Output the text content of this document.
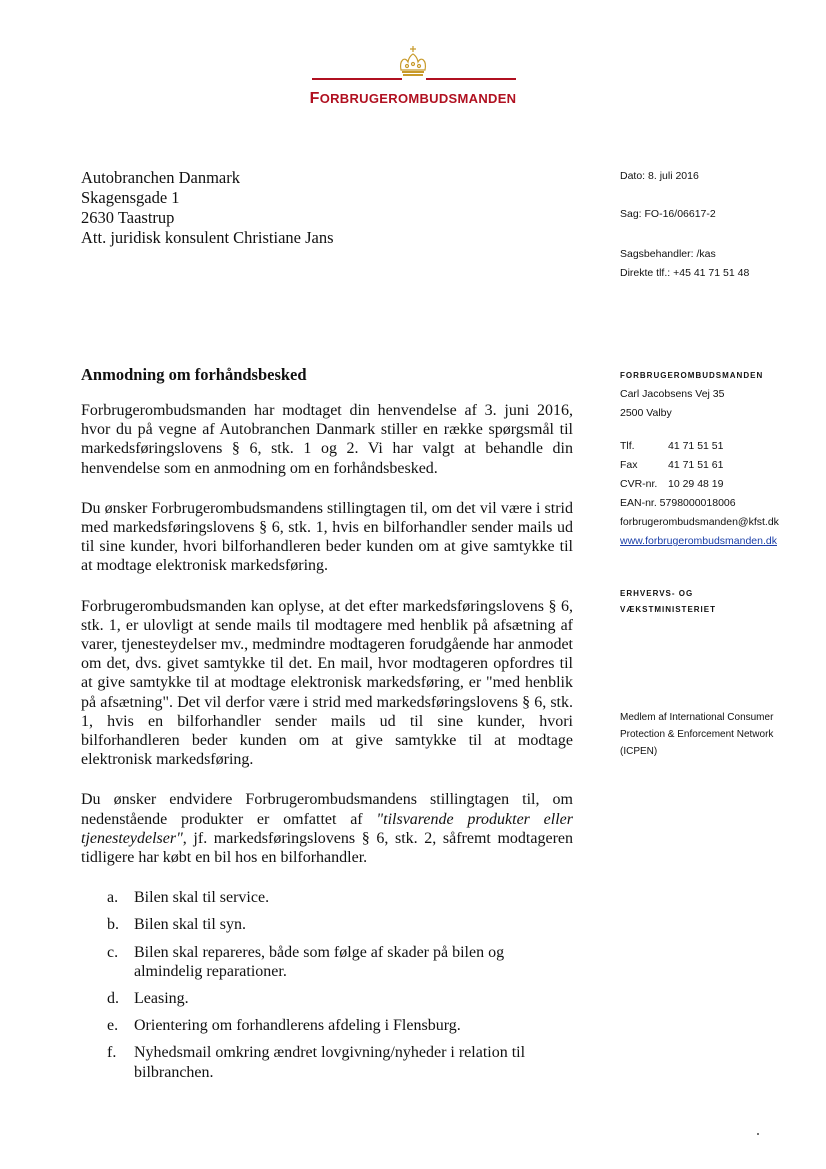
FORBRUGEROMBUDSMANDEN
Autobranchen Danmark
Skagensgade 1
2630 Taastrup
Att. juridisk konsulent Christiane Jans
Dato: 8. juli 2016
Sag: FO-16/06617-2
Sagsbehandler: /kas
Direkte tlf.: +45 41 71 51 48
Anmodning om forhåndsbesked

Forbrugerombudsmanden har modtaget din henvendelse af 3. juni 2016, hvor du på vegne af Autobranchen Danmark stiller en række spørgsmål til markedsføringslovens § 6, stk. 1 og 2. Vi har valgt at behandle din henvendelse som en anmodning om en forhåndsbesked.

Du ønsker Forbrugerombudsmandens stillingtagen til, om det vil være i strid med markedsføringslovens § 6, stk. 1, hvis en bilforhandler sender mails ud til sine kunder, hvori bilforhandleren beder kunden om at give samtykke til at modtage elektronisk markedsføring.

Forbrugerombudsmanden kan oplyse, at det efter markedsføringslovens § 6, stk. 1, er ulovligt at sende mails til modtagere med henblik på afsætning af varer, tjenesteydelser mv., medmindre modtageren forudgående har anmodet om det, dvs. givet samtykke til det. En mail, hvor modtageren opfordres til at give samtykke til at modtage elektronisk markedsføring, er "med henblik på afsætning". Det vil derfor være i strid med markedsføringslovens § 6, stk. 1, hvis en bilforhandler sender mails ud til sine kunder, hvori bilforhandleren beder kunden om at give samtykke til at modtage elektronisk markedsføring.

Du ønsker endvidere Forbrugerombudsmandens stillingtagen til, om nedenstående produkter er omfattet af "tilsvarende produkter eller tjenesteydelser", jf. markedsføringslovens § 6, stk. 2, såfremt modtageren tidligere har købt en bil hos en bilforhandler.

a. Bilen skal til service.
b. Bilen skal til syn.
c. Bilen skal repareres, både som følge af skader på bilen og almindelig reparationer.
d. Leasing.
e. Orientering om forhandlerens afdeling i Flensburg.
f. Nyhedsmail omkring ændret lovgivning/nyheder i relation til bilbranchen.
FORBRUGEROMBUDSMANDEN
Carl Jacobsens Vej 35
2500 Valby
Tlf.	41 71 51 51
Fax	41 71 51 61
CVR-nr. 10 29 48 19
EAN-nr. 5798000018006
forbrugerombudsmanden@kfst.dk
www.forbrugerombudsmanden.dk
ERHVERVS- OG
VÆKSTMINISTERIET
Medlem af International Consumer
Protection & Enforcement Network
(ICPEN)
